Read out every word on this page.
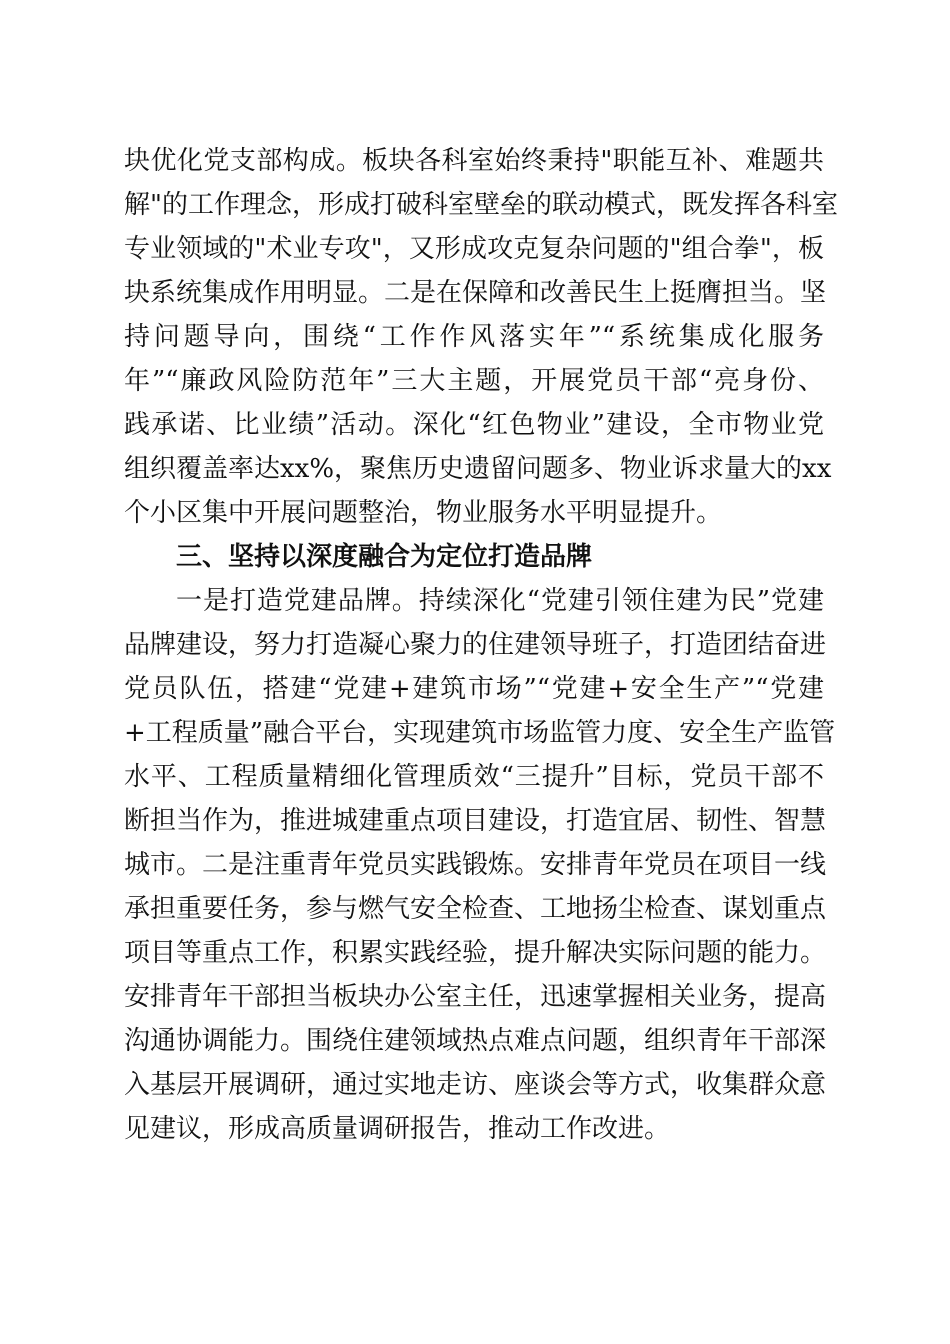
块优化党支部构成。板块各科室始终秉持"职能互补、难题共
解"的工作理念，形成打破科室壁垒的联动模式，既发挥各科室
专业领域的"术业专攻"，又形成攻克复杂问题的"组合拳"，板
块系统集成作用明显。二是在保障和改善民生上挺膺担当。坚
持问题导向，围绕“工作作风落实年”“系统集成化服务
年”“廉政风险防范年”三大主题，开展党员干部“亮身份、
践承诺、比业绩”活动。深化“红色物业”建设，全市物业党
组织覆盖率达xx%，聚焦历史遗留问题多、物业诉求量大的xx
个小区集中开展问题整治，物业服务水平明显提升。
三、坚持以深度融合为定位打造品牌
一是打造党建品牌。持续深化“党建引领住建为民”党建
品牌建设，努力打造凝心聚力的住建领导班子，打造团结奋进
党员队伍，搭建“党建+建筑市场”“党建+安全生产”“党建
+工程质量”融合平台，实现建筑市场监管力度、安全生产监管
水平、工程质量精细化管理质效“三提升”目标，党员干部不
断担当作为，推进城建重点项目建设，打造宜居、韧性、智慧
城市。二是注重青年党员实践锻炼。安排青年党员在项目一线
承担重要任务，参与燃气安全检查、工地扬尘检查、谋划重点
项目等重点工作，积累实践经验，提升解决实际问题的能力。
安排青年干部担当板块办公室主任，迅速掌握相关业务，提高
沟通协调能力。围绕住建领域热点难点问题，组织青年干部深
入基层开展调研，通过实地走访、座谈会等方式，收集群众意
见建议，形成高质量调研报告，推动工作改进。
